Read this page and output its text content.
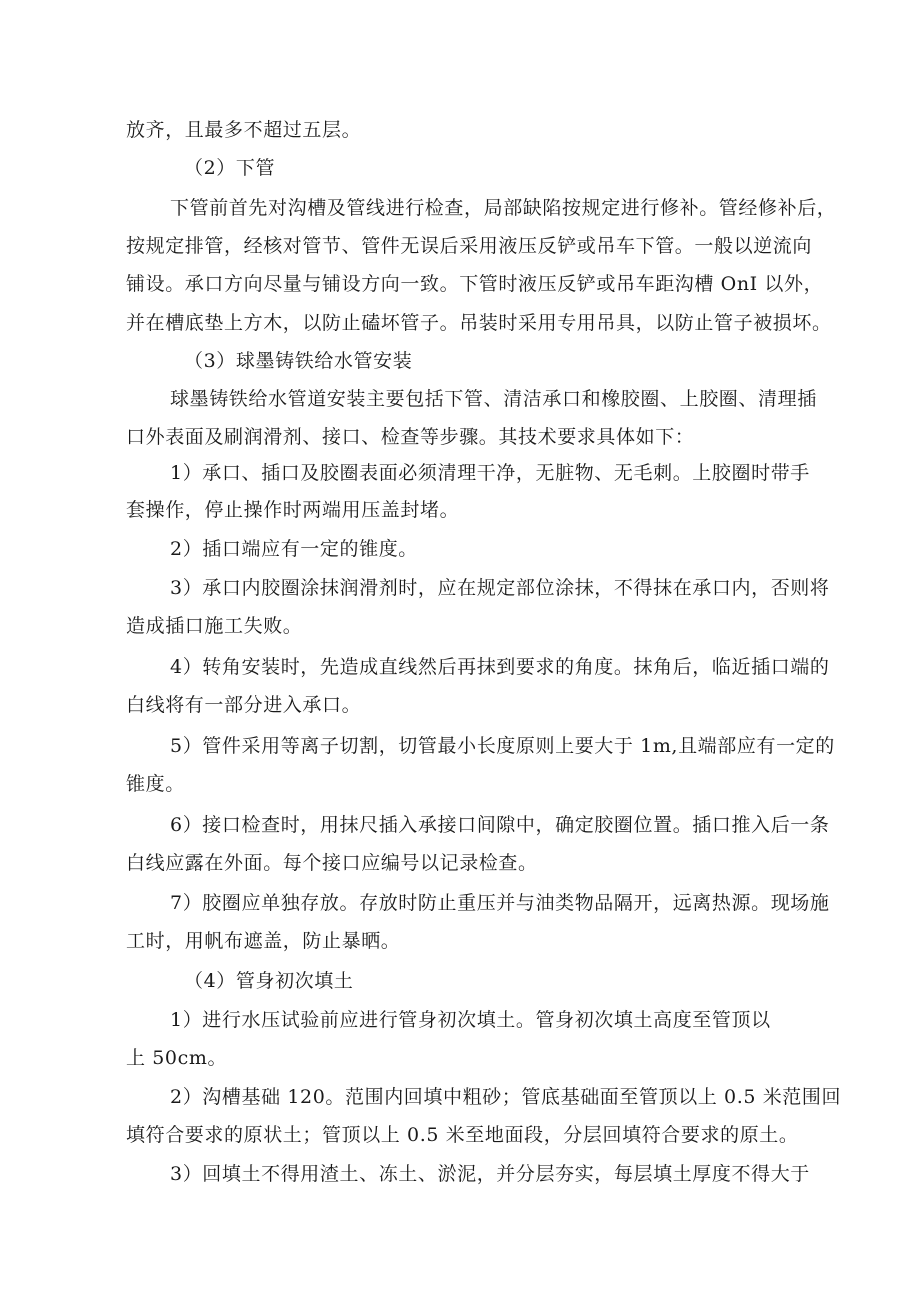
放齐，且最多不超过五层。
（2）下管
下管前首先对沟槽及管线进行检查，局部缺陷按规定进行修补。管经修补后，
按规定排管，经核对管节、管件无误后采用液压反铲或吊车下管。一般以逆流向
铺设。承口方向尽量与铺设方向一致。下管时液压反铲或吊车距沟槽 OnI 以外，
并在槽底垫上方木，以防止磕坏管子。吊装时采用专用吊具，以防止管子被损坏。
（3）球墨铸铁给水管安装
球墨铸铁给水管道安装主要包括下管、清洁承口和橡胶圈、上胶圈、清理插
口外表面及刷润滑剂、接口、检查等步骤。其技术要求具体如下：
1）承口、插口及胶圈表面必须清理干净，无脏物、无毛刺。上胶圈时带手
套操作，停止操作时两端用压盖封堵。
2）插口端应有一定的锥度。
3）承口内胶圈涂抹润滑剂时，应在规定部位涂抹，不得抹在承口内，否则将
造成插口施工失败。
4）转角安装时，先造成直线然后再抹到要求的角度。抹角后，临近插口端的
白线将有一部分进入承口。
5）管件采用等离子切割，切管最小长度原则上要大于 1m,且端部应有一定的
锥度。
6）接口检查时，用抹尺插入承接口间隙中，确定胶圈位置。插口推入后一条
白线应露在外面。每个接口应编号以记录检查。
7）胶圈应单独存放。存放时防止重压并与油类物品隔开，远离热源。现场施
工时，用帆布遮盖，防止暴晒。
（4）管身初次填土
1）进行水压试验前应进行管身初次填土。管身初次填土高度至管顶以
上 50cm。
2）沟槽基础 120。范围内回填中粗砂；管底基础面至管顶以上 0.5 米范围回
填符合要求的原状土；管顶以上 0.5 米至地面段，分层回填符合要求的原土。
3）回填土不得用渣土、冻土、淤泥，并分层夯实，每层填土厚度不得大于
